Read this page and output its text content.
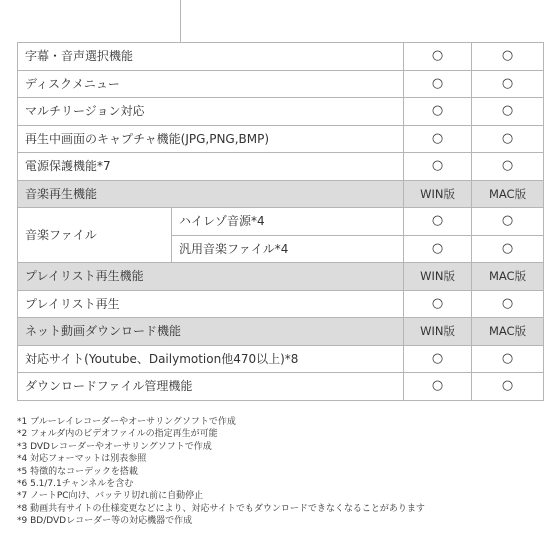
字幕・音声選択機能		○	○
ディスクメニュー		○	○
マルチリージョン対応		○	○
再生中画面のキャプチャ機能(JPG,PNG,BMP)		○	○
電源保護機能*7		○	○
音楽再生機能		WIN版	MAC版
音楽ファイル	ハイレゾ音源*4	○	○
	汎用音楽ファイル*4	○	○
プレイリスト再生機能		WIN版	MAC版
プレイリスト再生		○	○
ネット動画ダウンロード機能		WIN版	MAC版
対応サイト(Youtube、Dailymotion他470以上)*8		○	○
ダウンロードファイル管理機能		○	○
*1 ブルーレイレコーダーやオーサリングソフトで作成
*2 フォルダ内のビデオファイルの指定再生が可能
*3 DVDレコーダーやオーサリングソフトで作成
*4 対応フォーマットは別表参照
*5 特徴的なコーデックを搭載
*6 5.1/7.1チャンネルを含む
*7 ノートPC向け、バッテリ切れ前に自動停止
*8 動画共有サイトの仕様変更などにより、対応サイトでもダウンロードできなくなることがあります
*9 BD/DVDレコーダー等の対応機器で作成
